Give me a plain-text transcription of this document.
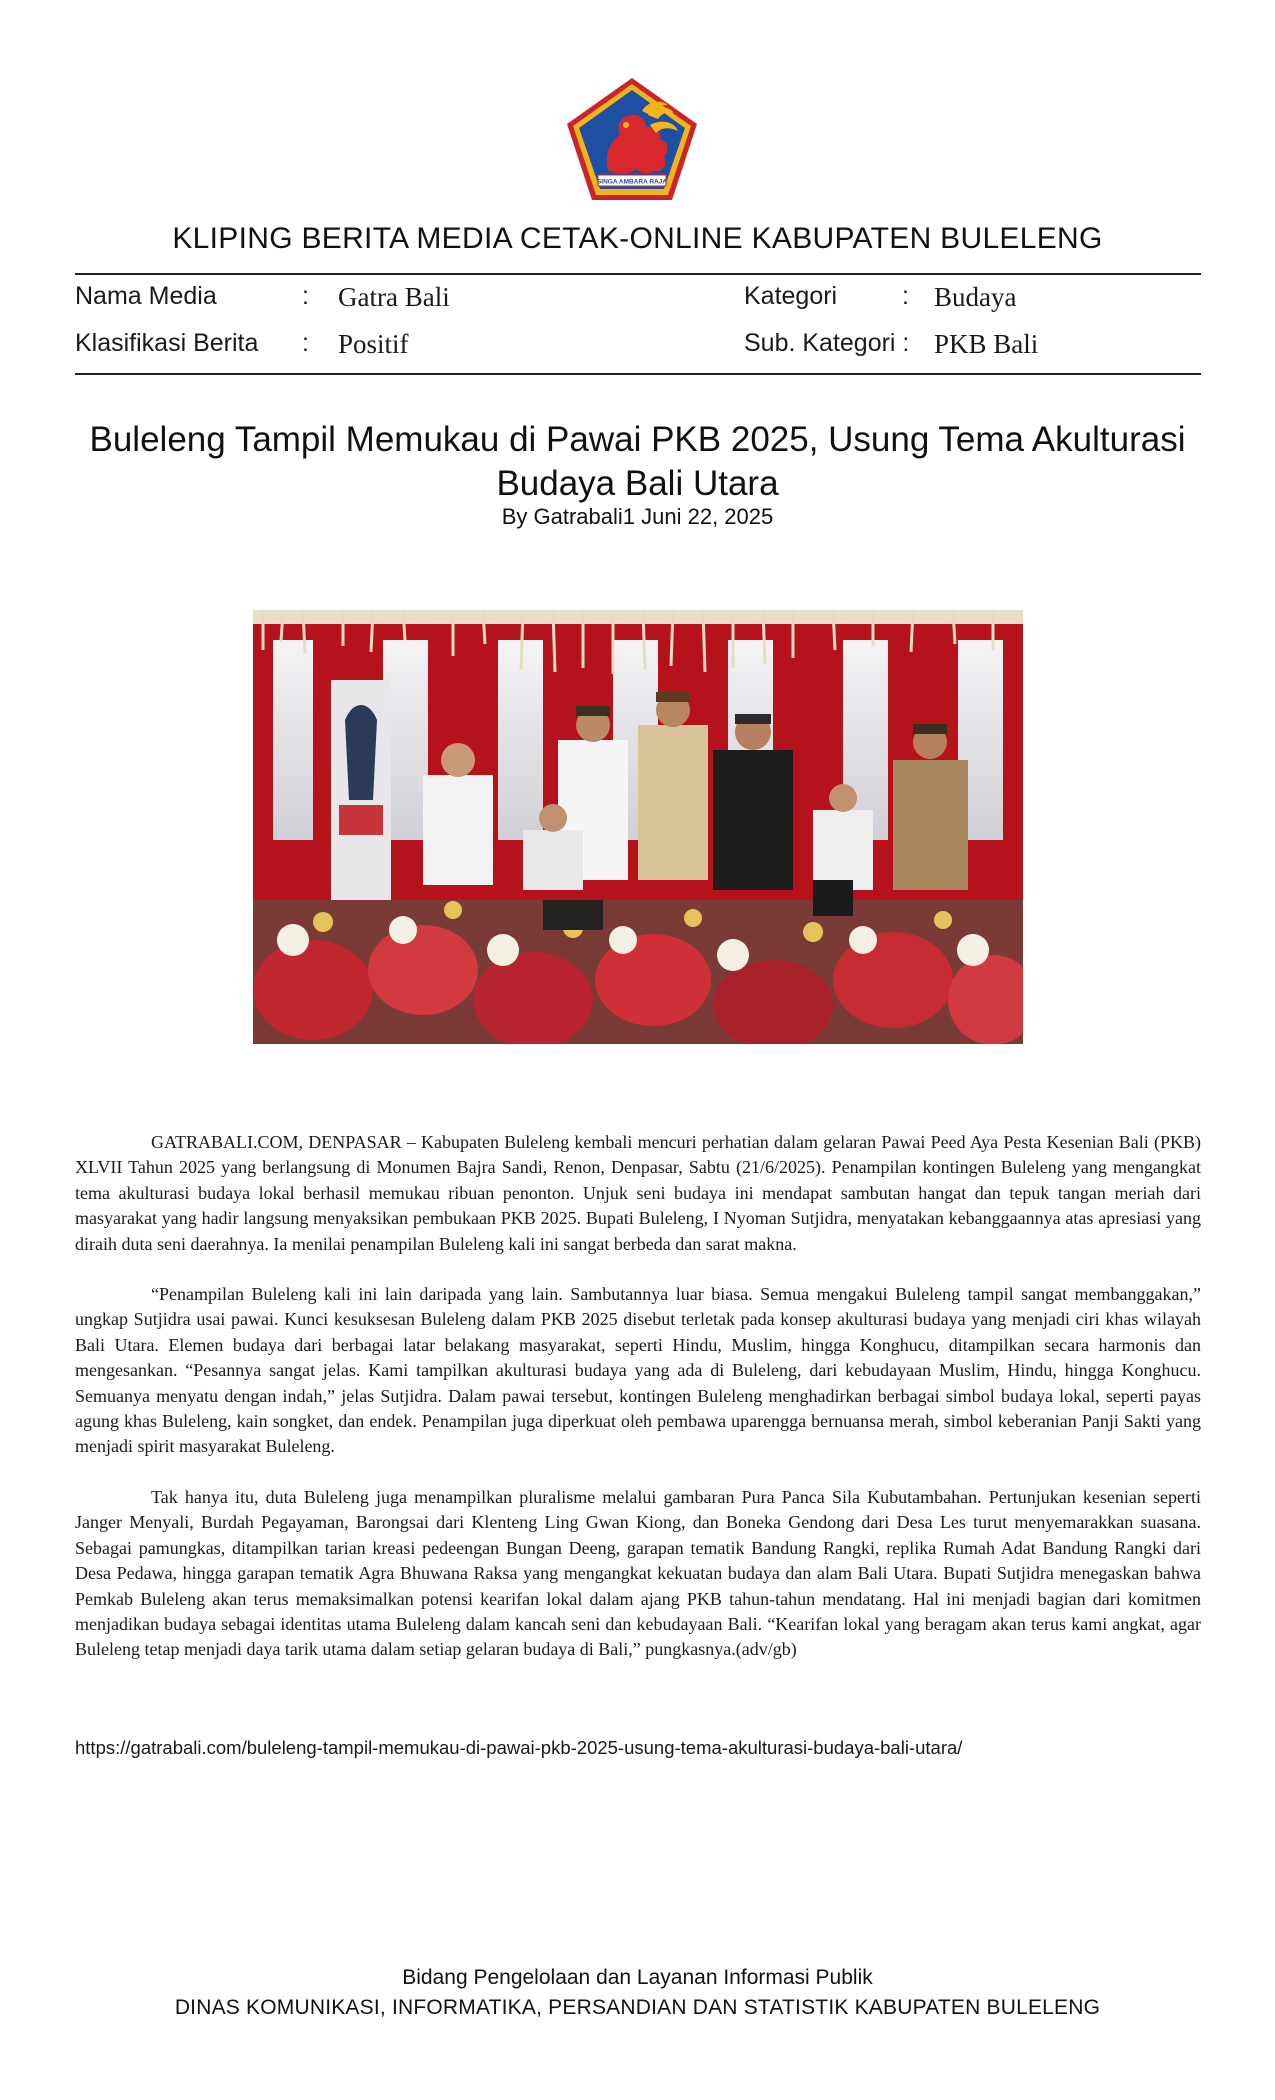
SINGA AMBARA RAJA
KLIPING BERITA MEDIA CETAK-ONLINE KABUPATEN BULELENG
Nama Media	: Gatra Bali	Kategori	: Budaya
Klasifikasi Berita : Positif	Sub. Kategori : PKB Bali
Buleleng Tampil Memukau di Pawai PKB 2025, Usung Tema Akulturasi Budaya Bali Utara
By Gatrabali1 Juni 22, 2025

GATRABALI.COM, DENPASAR – Kabupaten Buleleng kembali mencuri perhatian dalam gelaran Pawai Peed Aya Pesta Kesenian Bali (PKB) XLVII Tahun 2025 yang berlangsung di Monumen Bajra Sandi, Renon, Denpasar, Sabtu (21/6/2025). Penampilan kontingen Buleleng yang mengangkat tema akulturasi budaya lokal berhasil memukau ribuan penonton. Unjuk seni budaya ini mendapat sambutan hangat dan tepuk tangan meriah dari masyarakat yang hadir langsung menyaksikan pembukaan PKB 2025. Bupati Buleleng, I Nyoman Sutjidra, menyatakan kebanggaannya atas apresiasi yang diraih duta seni daerahnya. Ia menilai penampilan Buleleng kali ini sangat berbeda dan sarat makna.

“Penampilan Buleleng kali ini lain daripada yang lain. Sambutannya luar biasa. Semua mengakui Buleleng tampil sangat membanggakan,” ungkap Sutjidra usai pawai. Kunci kesuksesan Buleleng dalam PKB 2025 disebut terletak pada konsep akulturasi budaya yang menjadi ciri khas wilayah Bali Utara. Elemen budaya dari berbagai latar belakang masyarakat, seperti Hindu, Muslim, hingga Konghucu, ditampilkan secara harmonis dan mengesankan. “Pesannya sangat jelas. Kami tampilkan akulturasi budaya yang ada di Buleleng, dari kebudayaan Muslim, Hindu, hingga Konghucu. Semuanya menyatu dengan indah,” jelas Sutjidra. Dalam pawai tersebut, kontingen Buleleng menghadirkan berbagai simbol budaya lokal, seperti payas agung khas Buleleng, kain songket, dan endek. Penampilan juga diperkuat oleh pembawa uparengga bernuansa merah, simbol keberanian Panji Sakti yang menjadi spirit masyarakat Buleleng.

Tak hanya itu, duta Buleleng juga menampilkan pluralisme melalui gambaran Pura Panca Sila Kubutambahan. Pertunjukan kesenian seperti Janger Menyali, Burdah Pegayaman, Barongsai dari Klenteng Ling Gwan Kiong, dan Boneka Gendong dari Desa Les turut menyemarakkan suasana. Sebagai pamungkas, ditampilkan tarian kreasi pedeengan Bungan Deeng, garapan tematik Bandung Rangki, replika Rumah Adat Bandung Rangki dari Desa Pedawa, hingga garapan tematik Agra Bhuwana Raksa yang mengangkat kekuatan budaya dan alam Bali Utara. Bupati Sutjidra menegaskan bahwa Pemkab Buleleng akan terus memaksimalkan potensi kearifan lokal dalam ajang PKB tahun-tahun mendatang. Hal ini menjadi bagian dari komitmen menjadikan budaya sebagai identitas utama Buleleng dalam kancah seni dan kebudayaan Bali. “Kearifan lokal yang beragam akan terus kami angkat, agar Buleleng tetap menjadi daya tarik utama dalam setiap gelaran budaya di Bali,” pungkasnya.(adv/gb)

https://gatrabali.com/buleleng-tampil-memukau-di-pawai-pkb-2025-usung-tema-akulturasi-budaya-bali-utara/
Bidang Pengelolaan dan Layanan Informasi Publik
DINAS KOMUNIKASI, INFORMATIKA, PERSANDIAN DAN STATISTIK KABUPATEN BULELENG
